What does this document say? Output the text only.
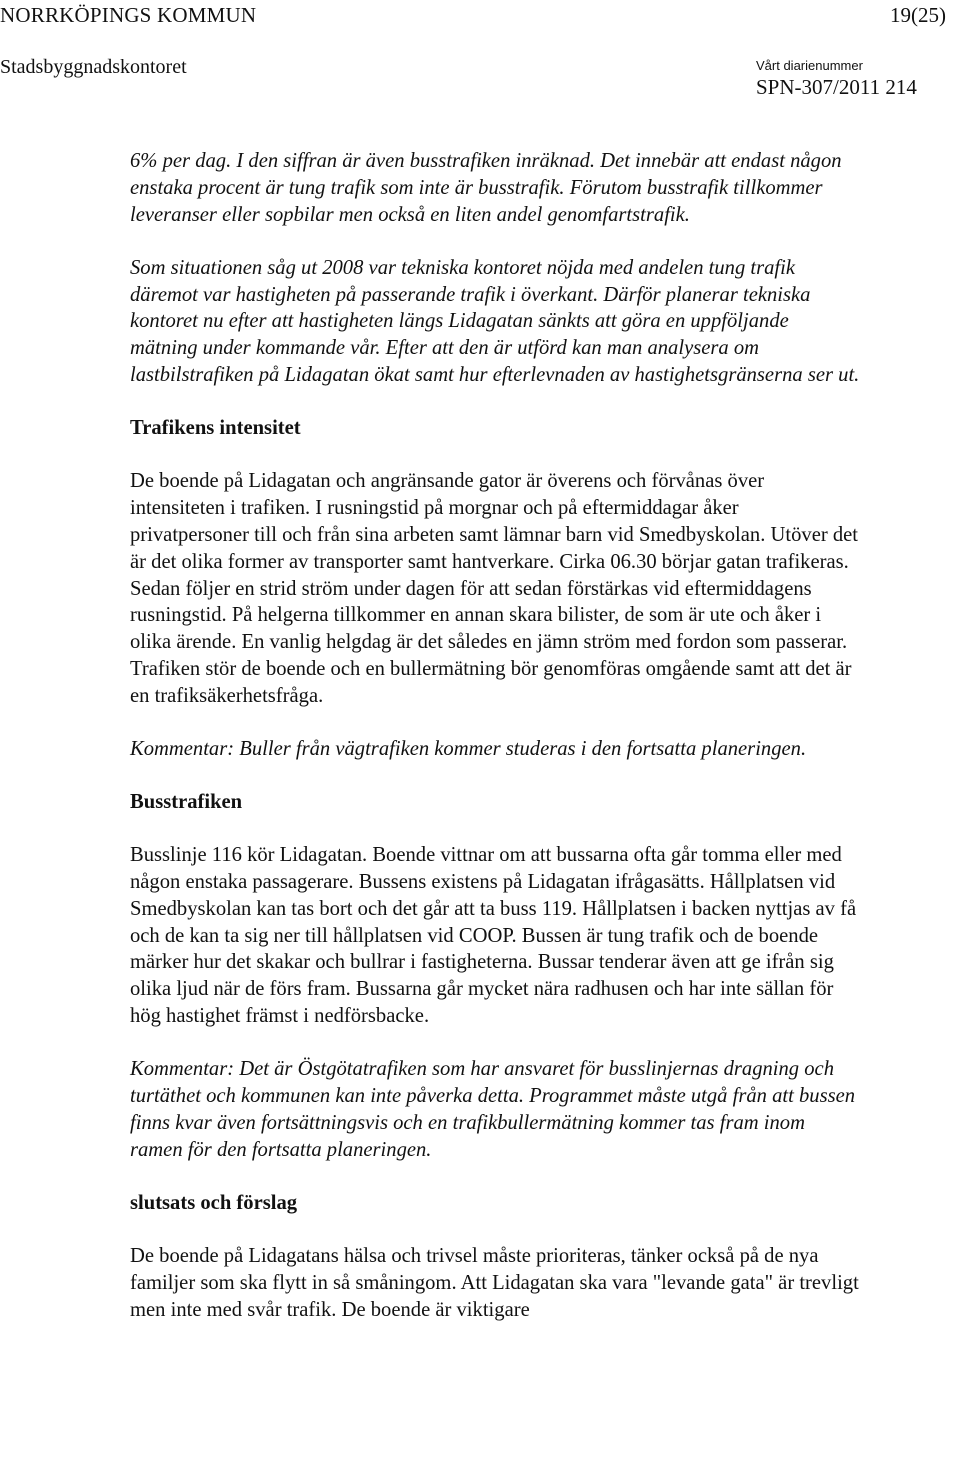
NORRKÖPINGS KOMMUN	19(25)
Stadsbyggnadskontoret	Vårt diarienummer
SPN-307/2011 214

6% per dag. I den siffran är även busstrafiken inräknad. Det innebär att endast någon enstaka procent är tung trafik som inte är busstrafik. Förutom busstrafik tillkommer leveranser eller sopbilar men också en liten andel genomfartstrafik.

Som situationen såg ut 2008 var tekniska kontoret nöjda med andelen tung trafik däremot var hastigheten på passerande trafik i överkant. Därför planerar tekniska kontoret nu efter att hastigheten längs Lidagatan sänkts att göra en uppföljande mätning under kommande vår. Efter att den är utförd kan man analysera om lastbilstrafiken på Lidagatan ökat samt hur efterlevnaden av hastighetsgränserna ser ut.

Trafikens intensitet

De boende på Lidagatan och angränsande gator är överens och förvånas över intensiteten i trafiken. I rusningstid på morgnar och på eftermiddagar åker privatpersoner till och från sina arbeten samt lämnar barn vid Smedbyskolan. Utöver det är det olika former av transporter samt hantverkare. Cirka 06.30 börjar gatan trafikeras. Sedan följer en strid ström under dagen för att sedan förstärkas vid eftermiddagens rusningstid. På helgerna tillkommer en annan skara bilister, de som är ute och åker i olika ärende. En vanlig helgdag är det således en jämn ström med fordon som passerar. Trafiken stör de boende och en bullermätning bör genomföras omgående samt att det är en trafiksäkerhetsfråga.

Kommentar: Buller från vägtrafiken kommer studeras i den fortsatta planeringen.

Busstrafiken

Busslinje 116 kör Lidagatan. Boende vittnar om att bussarna ofta går tomma eller med någon enstaka passagerare. Bussens existens på Lidagatan ifrågasätts. Hållplatsen vid Smedbyskolan kan tas bort och det går att ta buss 119. Hållplatsen i backen nyttjas av få och de kan ta sig ner till hållplatsen vid COOP. Bussen är tung trafik och de boende märker hur det skakar och bullrar i fastigheterna. Bussar tenderar även att ge ifrån sig olika ljud när de förs fram. Bussarna går mycket nära radhusen och har inte sällan för hög hastighet främst i nedförsbacke.

Kommentar: Det är Östgötatrafiken som har ansvaret för busslinjernas dragning och turtäthet och kommunen kan inte påverka detta. Programmet måste utgå från att bussen finns kvar även fortsättningsvis och en trafikbullermätning kommer tas fram inom ramen för den fortsatta planeringen.

slutsats och förslag

De boende på Lidagatans hälsa och trivsel måste prioriteras, tänker också på de nya familjer som ska flytt in så småningom. Att Lidagatan ska vara "levande gata" är trevligt men inte med svår trafik. De boende är viktigare
